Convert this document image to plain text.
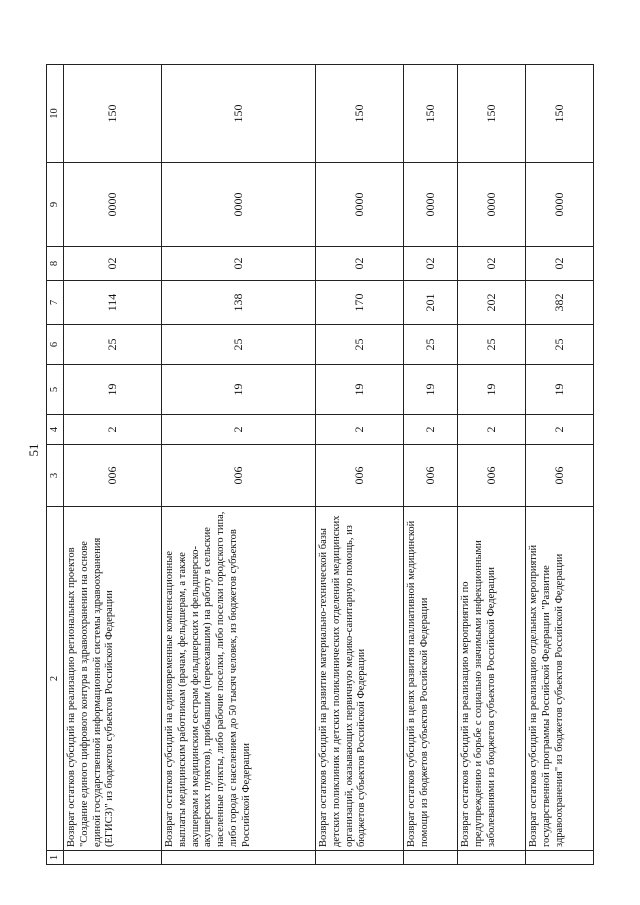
51
1	2	3	4	5	6	7	8	9	10
	Возврат остатков субсидий на реализацию региональных проектов "Создание единого цифрового контура в здравоохранении на основе единой государственной информационной системы здравоохранения (ЕГИСЗ)" из бюджетов субъектов Российской Федерации	006	2	19	25	114	02	0000	150
	Возврат остатков субсидий на единовременные компенсационные выплаты медицинским работникам (врачам, фельдшерам, а также акушеркам и медицинским сестрам фельдшерских и фельдшерско-акушерских пунктов), прибывшим (переехавшим) на работу в сельские населенные пункты, либо рабочие поселки, либо поселки городского типа, либо города с населением до 50 тысяч человек, из бюджетов субъектов Российской Федерации	006	2	19	25	138	02	0000	150
	Возврат остатков субсидий на развитие материально-технической базы детских поликлиник и детских поликлинических отделений медицинских организаций, оказывающих первичную медико-санитарную помощь, из бюджетов субъектов Российской Федерации	006	2	19	25	170	02	0000	150
	Возврат остатков субсидий в целях развития паллиативной медицинской помощи из бюджетов субъектов Российской Федерации	006	2	19	25	201	02	0000	150
	Возврат остатков субсидий на реализацию мероприятий по предупреждению и борьбе с социально значимыми инфекционными заболеваниями из бюджетов субъектов Российской Федерации	006	2	19	25	202	02	0000	150
	Возврат остатков субсидий на реализацию отдельных мероприятий государственной программы Российской Федерации "Развитие здравоохранения" из бюджетов субъектов Российской Федерации	006	2	19	25	382	02	0000	150
